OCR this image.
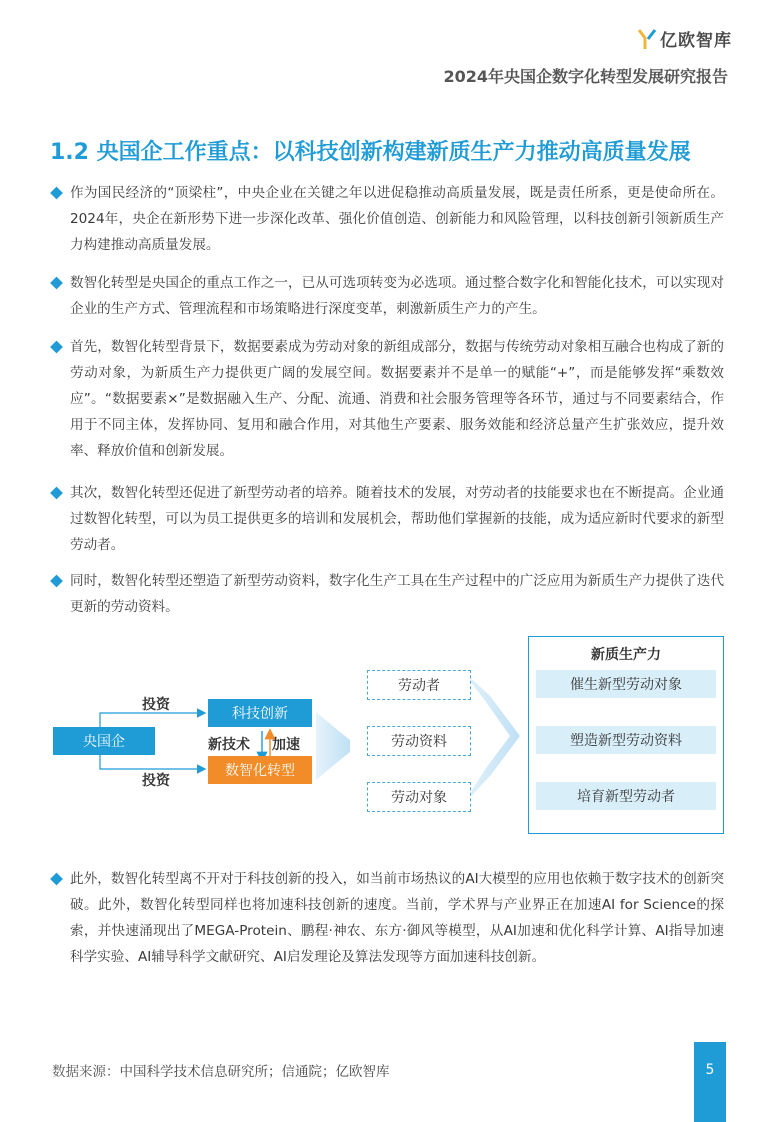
亿欧智库
2024年央国企数字化转型发展研究报告
1.2 央国企工作重点：以科技创新构建新质生产力推动高质量发展
作为国民经济的“顶梁柱”，中央企业在关键之年以进促稳推动高质量发展，既是责任所系，更是使命所在。2024年，央企在新形势下进一步深化改革、强化价值创造、创新能力和风险管理，以科技创新引领新质生产力构建推动高质量发展。
数智化转型是央国企的重点工作之一，已从可选项转变为必选项。通过整合数字化和智能化技术，可以实现对企业的生产方式、管理流程和市场策略进行深度变革，刺激新质生产力的产生。
首先，数智化转型背景下，数据要素成为劳动对象的新组成部分，数据与传统劳动对象相互融合也构成了新的劳动对象，为新质生产力提供更广阔的发展空间。数据要素并不是单一的赋能“+”，而是能够发挥“乘数效应”。“数据要素×”是数据融入生产、分配、流通、消费和社会服务管理等各环节，通过与不同要素结合，作用于不同主体，发挥协同、复用和融合作用，对其他生产要素、服务效能和经济总量产生扩张效应，提升效率、释放价值和创新发展。
其次，数智化转型还促进了新型劳动者的培养。随着技术的发展，对劳动者的技能要求也在不断提高。企业通过数智化转型，可以为员工提供更多的培训和发展机会，帮助他们掌握新的技能，成为适应新时代要求的新型劳动者。
同时，数智化转型还塑造了新型劳动资料，数字化生产工具在生产过程中的广泛应用为新质生产力提供了迭代更新的劳动资料。
央国企
投资
投资
科技创新
数智化转型
新技术 加速
劳动者
劳动资料
劳动对象
新质生产力
催生新型劳动对象
塑造新型劳动资料
培育新型劳动者
此外，数智化转型离不开对于科技创新的投入，如当前市场热议的AI大模型的应用也依赖于数字技术的创新突破。此外，数智化转型同样也将加速科技创新的速度。当前，学术界与产业界正在加速AI for Science的探索，并快速涌现出了MEGA-Protein、鹏程·神农、东方·御风等模型，从AI加速和优化科学计算、AI指导加速科学实验、AI辅导科学文献研究、AI启发理论及算法发现等方面加速科技创新。
数据来源：中国科学技术信息研究所；信通院；亿欧智库	5
